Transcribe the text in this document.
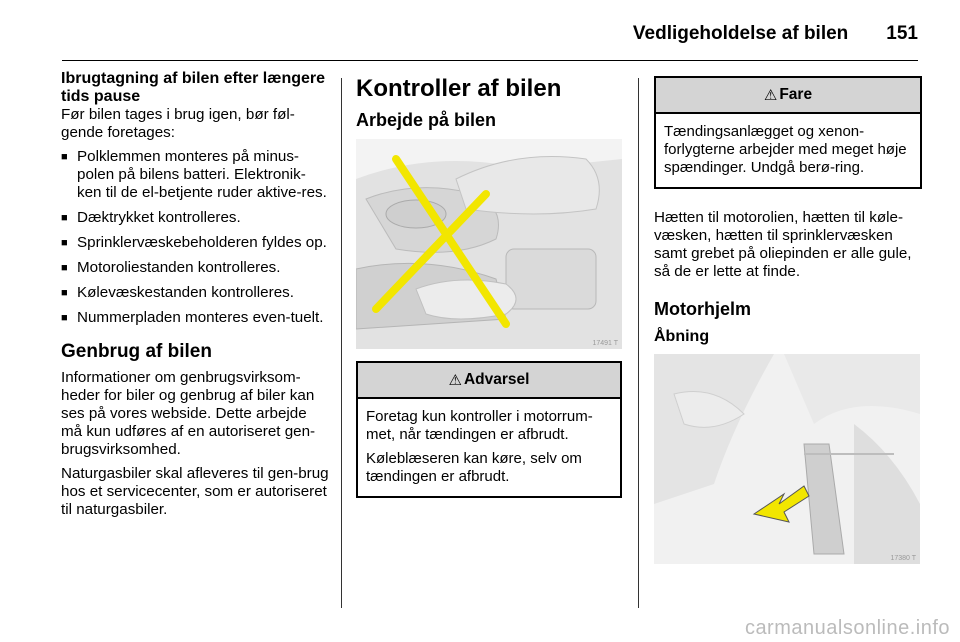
Vedligeholdelse af bilen 151
Ibrugtagning af bilen efter længere tids pause

Før bilen tages i brug igen, bør føl-gende foretages:

■ Polklemmen monteres på minus-polen på bilens batteri. Elektronik-ken til de el-betjente ruder aktive-res.
■ Dæktrykket kontrolleres.
■ Sprinklervæskebeholderen fyldes op.
■ Motoroliestanden kontrolleres.
■ Kølevæskestanden kontrolleres.
■ Nummerpladen monteres even-tuelt.
Genbrug af bilen

Informationer om genbrugsvirksom-heder for biler og genbrug af biler kan ses på vores webside. Dette arbejde må kun udføres af en autoriseret gen-brugsvirksomhed.

Naturgasbiler skal afleveres til gen-brug hos et servicecenter, som er autoriseret til naturgasbiler.

Kontroller af bilen
Arbejde på bilen
17491 T
⚠ Advarsel

Foretag kun kontroller i motorrum-met, når tændingen er afbrudt.

Køleblæseren kan køre, selv om tændingen er afbrudt.

⚠ Fare

Tændingsanlægget og xenon-forlygterne arbejder med meget høje spændinger. Undgå berø-ring.

Hætten til motorolien, hætten til køle-væsken, hætten til sprinklervæsken samt grebet på oliepinden er alle gule, så de er lette at finde.

Motorhjelm
Åbning
17380 T
carmanualsonline.info
